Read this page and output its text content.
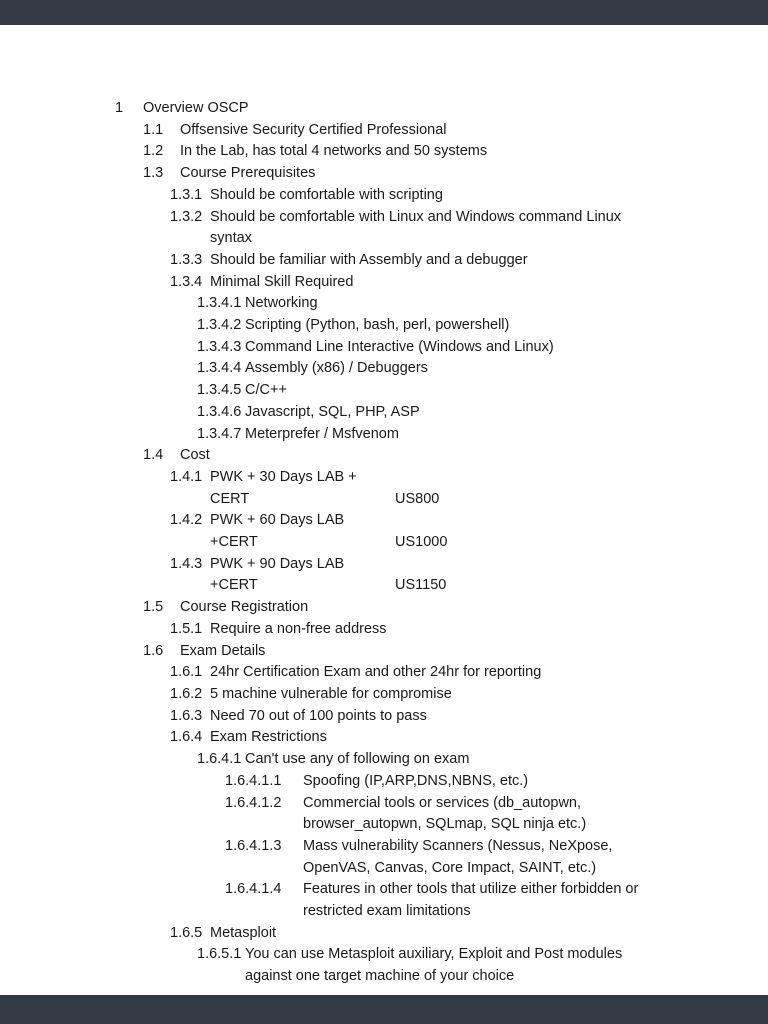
1	Overview OSCP
1.1	Offsensive Security Certified Professional
1.2	In the Lab, has total 4 networks and 50 systems
1.3	Course Prerequisites
1.3.1 Should be comfortable with scripting
1.3.2 Should be comfortable with Linux and Windows command Linux syntax
1.3.3 Should be familiar with Assembly and a debugger
1.3.4 Minimal Skill Required
1.3.4.1 Networking
1.3.4.2 Scripting (Python, bash, perl, powershell)
1.3.4.3 Command Line Interactive (Windows and Linux)
1.3.4.4 Assembly (x86) / Debuggers
1.3.4.5 C/C++
1.3.4.6 Javascript, SQL, PHP, ASP
1.3.4.7 Meterprefer / Msfvenom
1.4	Cost
1.4.1 PWK + 30 Days LAB + CERT	US800
1.4.2 PWK + 60 Days LAB +CERT	US1000
1.4.3 PWK + 90 Days LAB +CERT	US1150
1.5	Course Registration
1.5.1 Require a non-free address
1.6	Exam Details
1.6.1 24hr Certification Exam and other 24hr for reporting
1.6.2 5 machine vulnerable for compromise
1.6.3 Need 70 out of 100 points to pass
1.6.4 Exam Restrictions
1.6.4.1 Can't use any of following on exam
1.6.4.1.1	Spoofing (IP,ARP,DNS,NBNS, etc.)
1.6.4.1.2	Commercial tools or services (db_autopwn, browser_autopwn, SQLmap, SQL ninja etc.)
1.6.4.1.3	Mass vulnerability Scanners (Nessus, NeXpose, OpenVAS, Canvas, Core Impact, SAINT, etc.)
1.6.4.1.4	Features in other tools that utilize either forbidden or restricted exam limitations
1.6.5 Metasploit
1.6.5.1 You can use Metasploit auxiliary, Exploit and Post modules against one target machine of your choice
